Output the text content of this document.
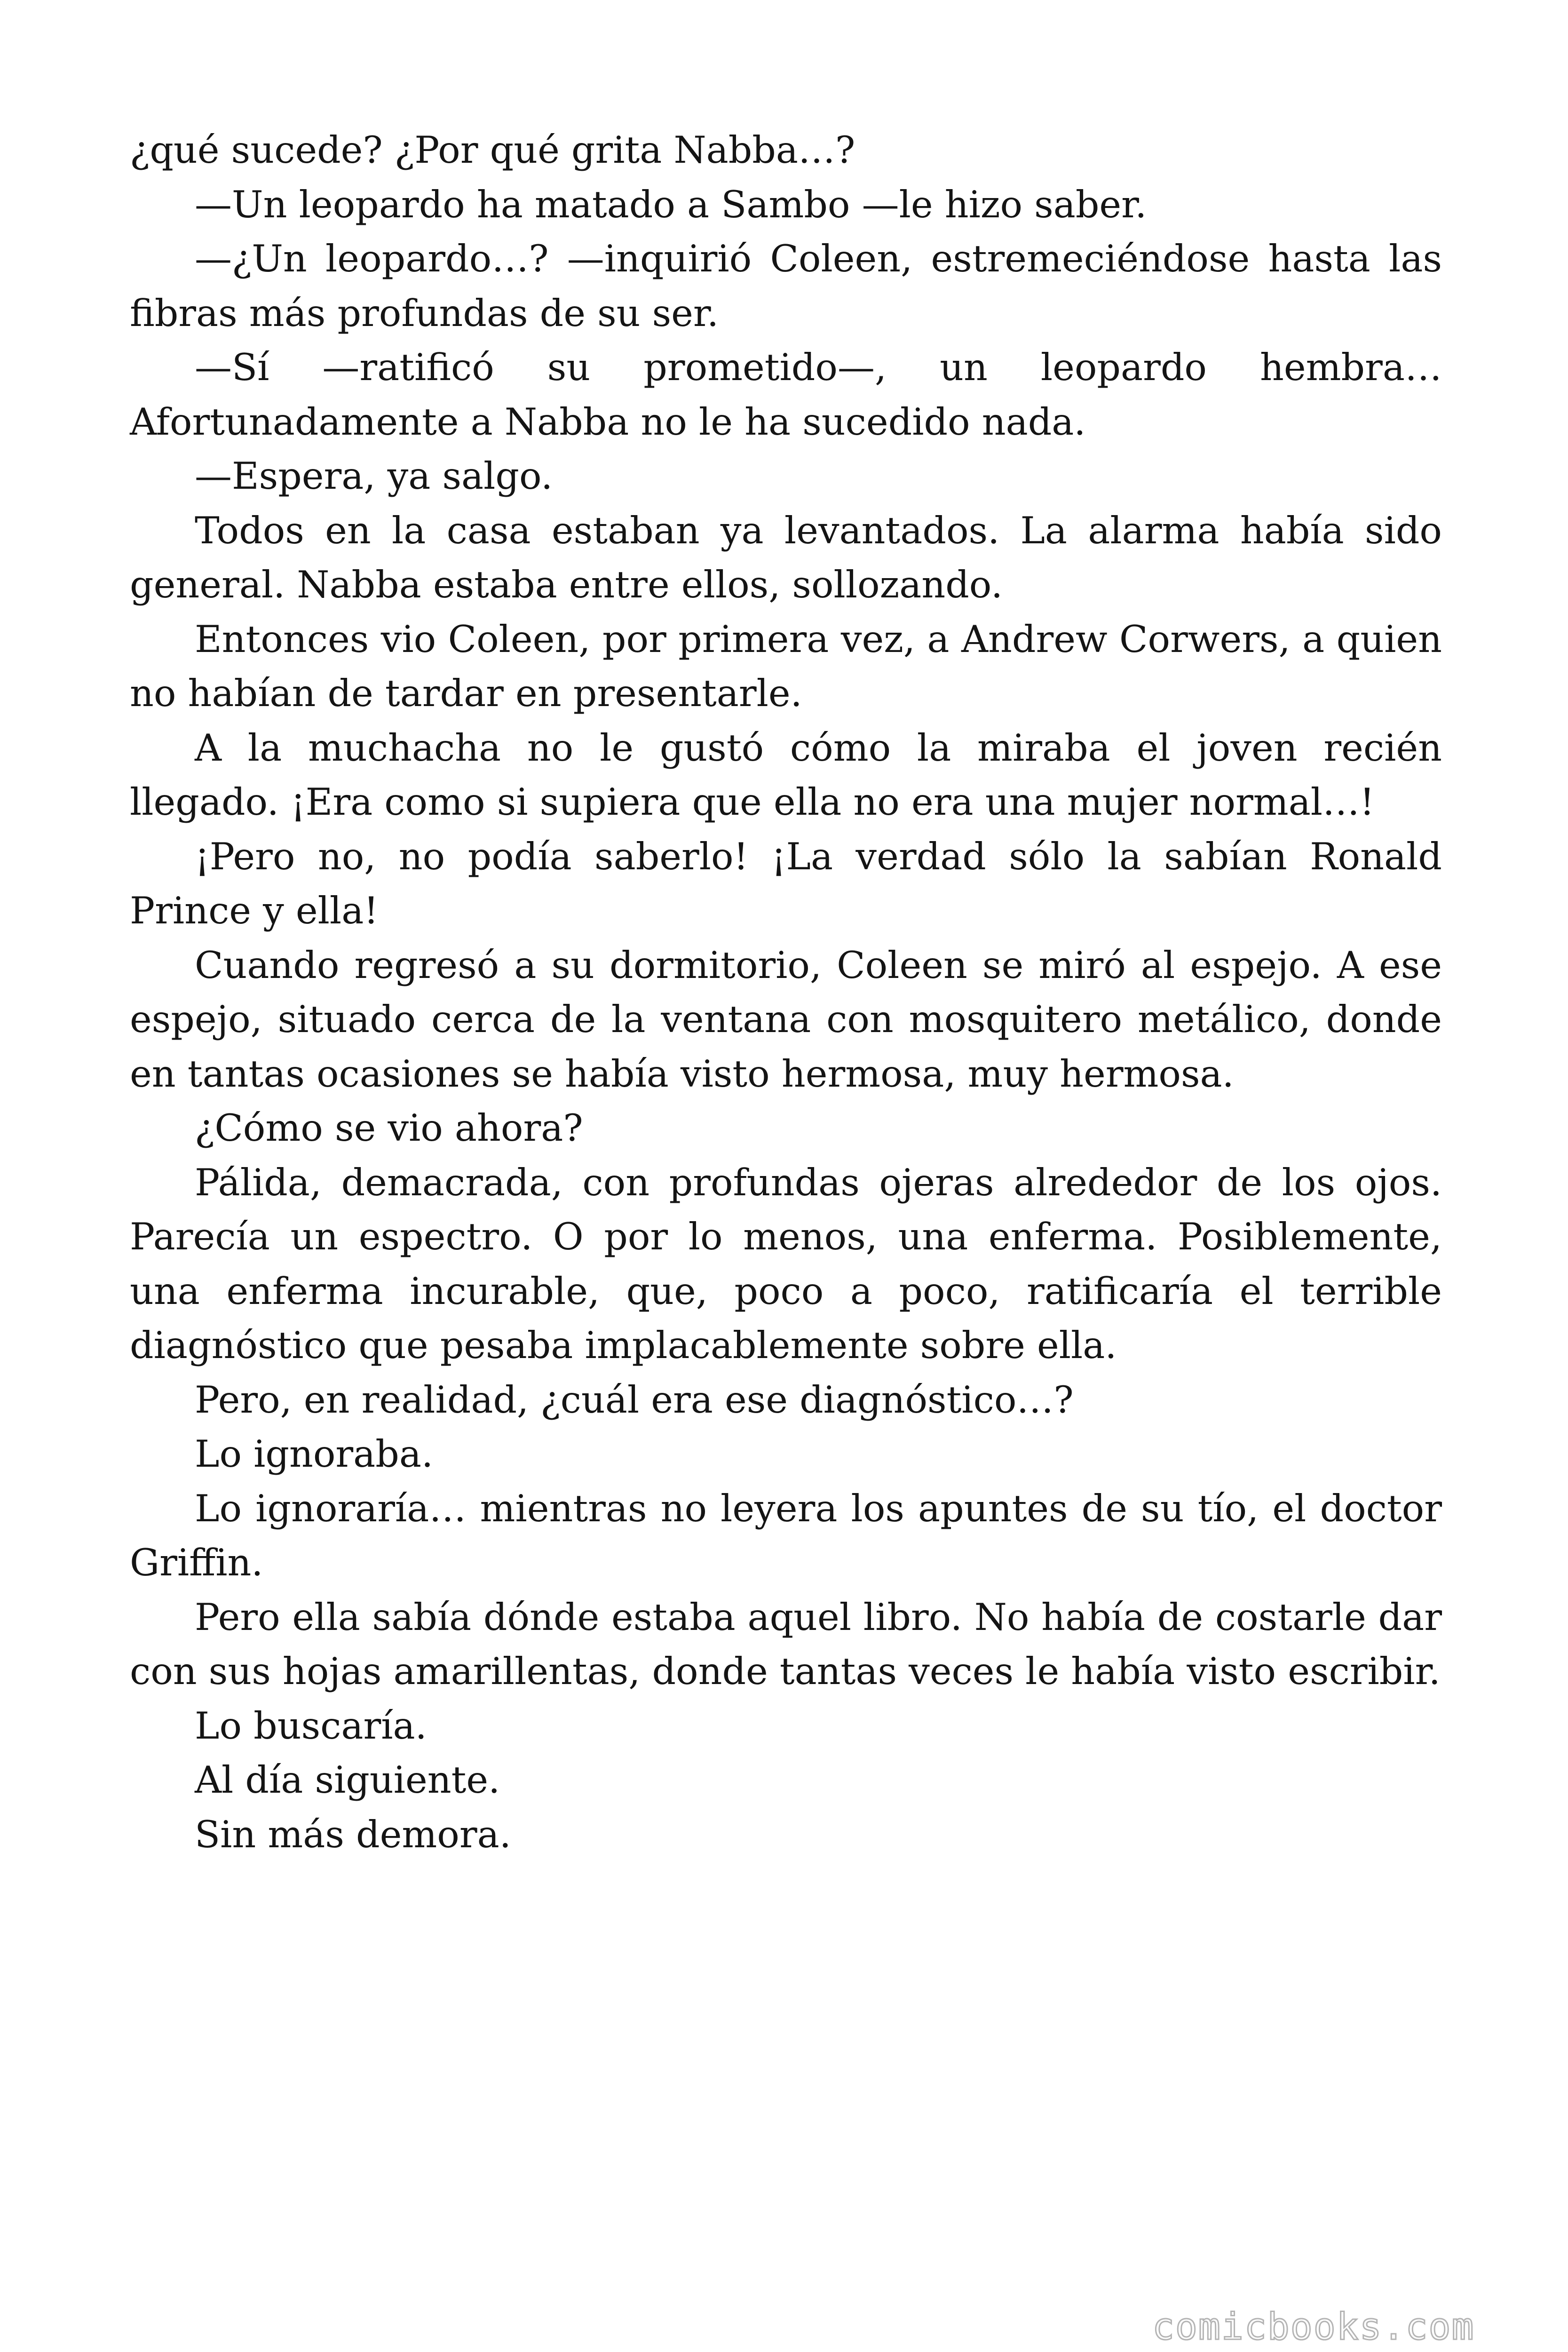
¿qué sucede? ¿Por qué grita Nabba…?

—Un leopardo ha matado a Sambo —le hizo saber.

—¿Un leopardo…? —inquirió Coleen, estremeciéndose hasta las fibras más profundas de su ser.

—Sí —ratificó su prometido—, un leopardo hembra… Afortunadamente a Nabba no le ha sucedido nada.

—Espera, ya salgo.

Todos en la casa estaban ya levantados. La alarma había sido general. Nabba estaba entre ellos, sollozando.

Entonces vio Coleen, por primera vez, a Andrew Corwers, a quien no habían de tardar en presentarle.

A la muchacha no le gustó cómo la miraba el joven recién llegado. ¡Era como si supiera que ella no era una mujer normal…!

¡Pero no, no podía saberlo! ¡La verdad sólo la sabían Ronald Prince y ella!

Cuando regresó a su dormitorio, Coleen se miró al espejo. A ese espejo, situado cerca de la ventana con mosquitero metálico, donde en tantas ocasiones se había visto hermosa, muy hermosa.

¿Cómo se vio ahora?

Pálida, demacrada, con profundas ojeras alrededor de los ojos. Parecía un espectro. O por lo menos, una enferma. Posiblemente, una enferma incurable, que, poco a poco, ratificaría el terrible diagnóstico que pesaba implacablemente sobre ella.

Pero, en realidad, ¿cuál era ese diagnóstico…?

Lo ignoraba.

Lo ignoraría… mientras no leyera los apuntes de su tío, el doctor Griffin.

Pero ella sabía dónde estaba aquel libro. No había de costarle dar con sus hojas amarillentas, donde tantas veces le había visto escribir.

Lo buscaría.

Al día siguiente.

Sin más demora.

comicbooks.com
